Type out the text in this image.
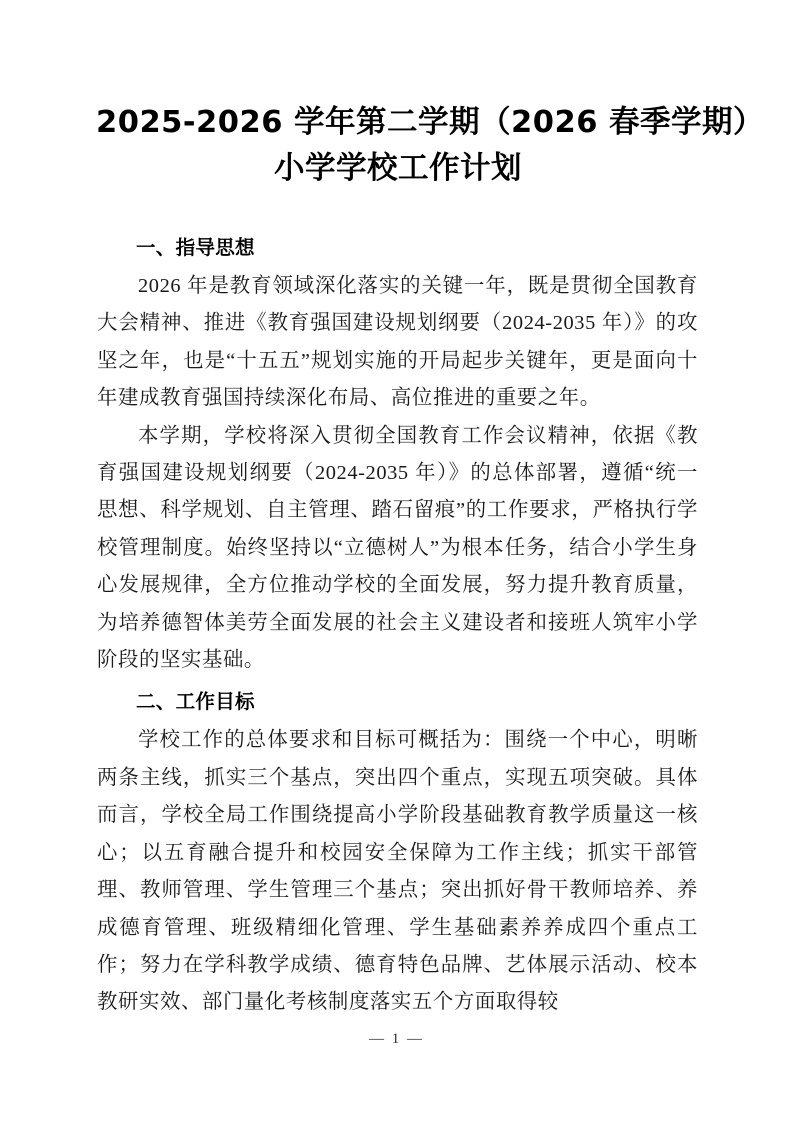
2025-2026 学年第二学期（2026 春季学期）
小学学校工作计划
一、指导思想

2026 年是教育领域深化落实的关键一年，既是贯彻全国教育大会精神、推进《教育强国建设规划纲要（2024-2035 年）》的攻坚之年，也是“十五五”规划实施的开局起步关键年，更是面向十年建成教育强国持续深化布局、高位推进的重要之年。

本学期，学校将深入贯彻全国教育工作会议精神，依据《教育强国建设规划纲要（2024-2035 年）》的总体部署，遵循“统一思想、科学规划、自主管理、踏石留痕”的工作要求，严格执行学校管理制度。始终坚持以“立德树人”为根本任务，结合小学生身心发展规律，全方位推动学校的全面发展，努力提升教育质量，为培养德智体美劳全面发展的社会主义建设者和接班人筑牢小学阶段的坚实基础。

二、工作目标

学校工作的总体要求和目标可概括为：围绕一个中心，明晰两条主线，抓实三个基点，突出四个重点，实现五项突破。具体而言，学校全局工作围绕提高小学阶段基础教育教学质量这一核心；以五育融合提升和校园安全保障为工作主线；抓实干部管理、教师管理、学生管理三个基点；突出抓好骨干教师培养、养成德育管理、班级精细化管理、学生基础素养养成四个重点工作；努力在学科教学成绩、德育特色品牌、艺体展示活动、校本教研实效、部门量化考核制度落实五个方面取得较

— 1 —
